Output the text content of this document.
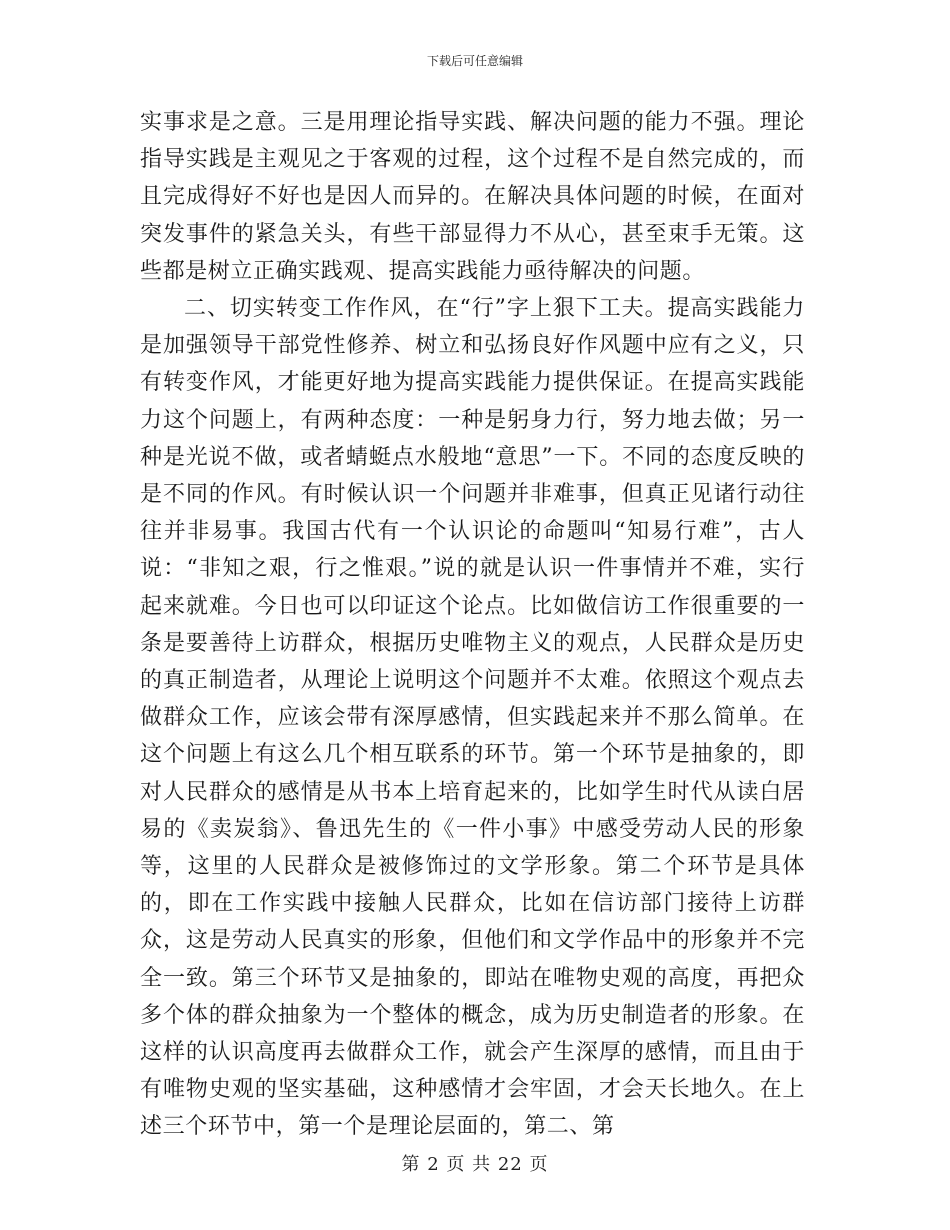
下载后可任意编辑

实事求是之意。三是用理论指导实践、解决问题的能力不强。理论指导实践是主观见之于客观的过程，这个过程不是自然完成的，而且完成得好不好也是因人而异的。在解决具体问题的时候，在面对突发事件的紧急关头，有些干部显得力不从心，甚至束手无策。这些都是树立正确实践观、提高实践能力亟待解决的问题。

二、切实转变工作作风，在“行”字上狠下工夫。提高实践能力是加强领导干部党性修养、树立和弘扬良好作风题中应有之义，只有转变作风，才能更好地为提高实践能力提供保证。在提高实践能力这个问题上，有两种态度：一种是躬身力行，努力地去做；另一种是光说不做，或者蜻蜓点水般地“意思”一下。不同的态度反映的是不同的作风。有时候认识一个问题并非难事，但真正见诸行动往往并非易事。我国古代有一个认识论的命题叫“知易行难”，古人说：“非知之艰，行之惟艰。”说的就是认识一件事情并不难，实行起来就难。今日也可以印证这个论点。比如做信访工作很重要的一条是要善待上访群众，根据历史唯物主义的观点，人民群众是历史的真正制造者，从理论上说明这个问题并不太难。依照这个观点去做群众工作，应该会带有深厚感情，但实践起来并不那么简单。在这个问题上有这么几个相互联系的环节。第一个环节是抽象的，即对人民群众的感情是从书本上培育起来的，比如学生时代从读白居易的《卖炭翁》、鲁迅先生的《一件小事》中感受劳动人民的形象等，这里的人民群众是被修饰过的文学形象。第二个环节是具体的，即在工作实践中接触人民群众，比如在信访部门接待上访群众，这是劳动人民真实的形象，但他们和文学作品中的形象并不完全一致。第三个环节又是抽象的，即站在唯物史观的高度，再把众多个体的群众抽象为一个整体的概念，成为历史制造者的形象。在这样的认识高度再去做群众工作，就会产生深厚的感情，而且由于有唯物史观的坚实基础，这种感情才会牢固，才会天长地久。在上述三个环节中，第一个是理论层面的，第二、第

第 2 页 共 22 页
